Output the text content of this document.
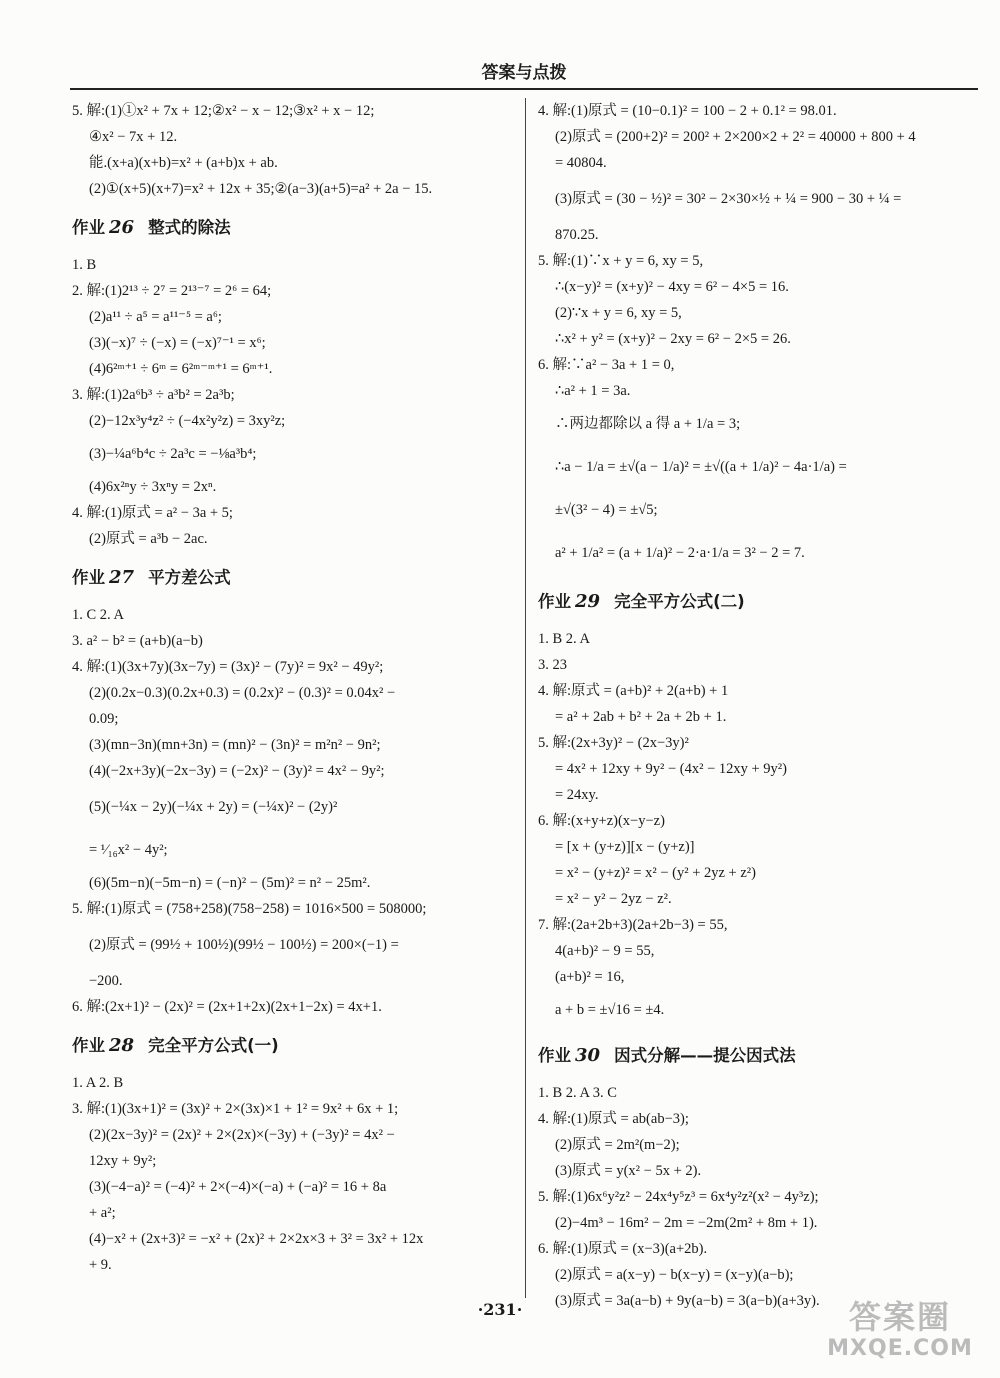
答案与点拨
5. 解:(1)①x² + 7x + 12;②x² − x − 12;③x² + x − 12;
④x² − 7x + 12.
能.(x+a)(x+b)=x² + (a+b)x + ab.
(2)①(x+5)(x+7)=x² + 12x + 35;②(a−3)(a+5)=a² + 2a − 15.
作业 26 整式的除法
1. B
2. 解:(1)2¹³ ÷ 2⁷ = 2¹³⁻⁷ = 2⁶ = 64;
(2)a¹¹ ÷ a⁵ = a¹¹⁻⁵ = a⁶;
(3)(−x)⁷ ÷ (−x) = (−x)⁷⁻¹ = x⁶;
(4)6²ᵐ⁺¹ ÷ 6ᵐ = 6²ᵐ⁻ᵐ⁺¹ = 6ᵐ⁺¹.
3. 解:(1)2a⁶b³ ÷ a³b² = 2a³b;
(2)−12x³y⁴z² ÷ (−4x²y²z) = 3xy²z;
(3)−¼a⁶b⁴c ÷ 2a³c = −⅛a³b⁴;
(4)6x²ⁿy ÷ 3xⁿy = 2xⁿ.
4. 解:(1)原式 = a² − 3a + 5;
(2)原式 = a³b − 2ac.
作业 27 平方差公式
1. C 2. A
3. a² − b² = (a+b)(a−b)
4. 解:(1)(3x+7y)(3x−7y) = (3x)² − (7y)² = 9x² − 49y²;
(2)(0.2x−0.3)(0.2x+0.3) = (0.2x)² − (0.3)² = 0.04x² −
0.09;
(3)(mn−3n)(mn+3n) = (mn)² − (3n)² = m²n² − 9n²;
(4)(−2x+3y)(−2x−3y) = (−2x)² − (3y)² = 4x² − 9y²;
(5)(−¼x − 2y)(−¼x + 2y) = (−¼x)² − (2y)²
= ¹⁄₁₆x² − 4y²;
(6)(5m−n)(−5m−n) = (−n)² − (5m)² = n² − 25m².
5. 解:(1)原式 = (758+258)(758−258) = 1016×500 = 508000;
(2)原式 = (99½ + 100½)(99½ − 100½) = 200×(−1) =
−200.
6. 解:(2x+1)² − (2x)² = (2x+1+2x)(2x+1−2x) = 4x+1.
作业 28 完全平方公式(一)
1. A 2. B
3. 解:(1)(3x+1)² = (3x)² + 2×(3x)×1 + 1² = 9x² + 6x + 1;
(2)(2x−3y)² = (2x)² + 2×(2x)×(−3y) + (−3y)² = 4x² −
12xy + 9y²;
(3)(−4−a)² = (−4)² + 2×(−4)×(−a) + (−a)² = 16 + 8a
+ a²;
(4)−x² + (2x+3)² = −x² + (2x)² + 2×2x×3 + 3² = 3x² + 12x
+ 9.
4. 解:(1)原式 = (10−0.1)² = 100 − 2 + 0.1² = 98.01.
(2)原式 = (200+2)² = 200² + 2×200×2 + 2² = 40000 + 800 + 4
= 40804.
(3)原式 = (30 − ½)² = 30² − 2×30×½ + ¼ = 900 − 30 + ¼ =
870.25.
5. 解:(1)∵x + y = 6, xy = 5,
∴(x−y)² = (x+y)² − 4xy = 6² − 4×5 = 16.
(2)∵x + y = 6, xy = 5,
∴x² + y² = (x+y)² − 2xy = 6² − 2×5 = 26.
6. 解:∵a² − 3a + 1 = 0,
∴a² + 1 = 3a.
∴两边都除以 a 得 a + 1/a = 3;
∴a − 1/a = ±√(a − 1/a)² = ±√((a + 1/a)² − 4a·1/a) =
±√(3² − 4) = ±√5;
a² + 1/a² = (a + 1/a)² − 2·a·1/a = 3² − 2 = 7.
作业 29 完全平方公式(二)
1. B 2. A
3. 23
4. 解:原式 = (a+b)² + 2(a+b) + 1
= a² + 2ab + b² + 2a + 2b + 1.
5. 解:(2x+3y)² − (2x−3y)²
= 4x² + 12xy + 9y² − (4x² − 12xy + 9y²)
= 24xy.
6. 解:(x+y+z)(x−y−z)
= [x + (y+z)][x − (y+z)]
= x² − (y+z)² = x² − (y² + 2yz + z²)
= x² − y² − 2yz − z².
7. 解:(2a+2b+3)(2a+2b−3) = 55,
4(a+b)² − 9 = 55,
(a+b)² = 16,
a + b = ±√16 = ±4.
作业 30 因式分解——提公因式法
1. B 2. A 3. C
4. 解:(1)原式 = ab(ab−3);
(2)原式 = 2m²(m−2);
(3)原式 = y(x² − 5x + 2).
5. 解:(1)6x⁶y²z² − 24x⁴y⁵z³ = 6x⁴y²z²(x² − 4y³z);
(2)−4m³ − 16m² − 2m = −2m(2m² + 8m + 1).
6. 解:(1)原式 = (x−3)(a+2b).
(2)原式 = a(x−y) − b(x−y) = (x−y)(a−b);
(3)原式 = 3a(a−b) + 9y(a−b) = 3(a−b)(a+3y).
·231·	答案圈
MXQE.COM
